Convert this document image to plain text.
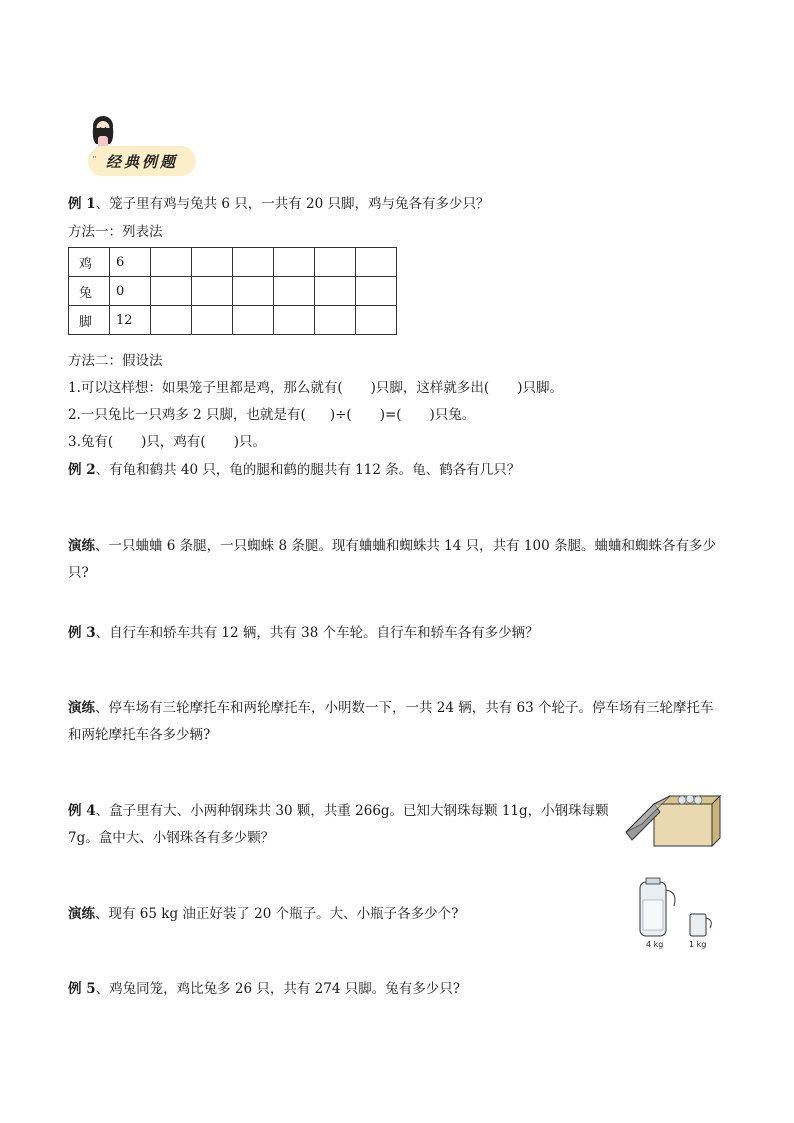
¨ 经典例题
例 1、笼子里有鸡与兔共 6 只，一共有 20 只脚，鸡与兔各有多少只？
方法一：列表法
鸡	6						
兔	0						
脚	12						
方法二：假设法
1.可以这样想：如果笼子里都是鸡，那么就有( )只脚，这样就多出( )只脚。
2.一只兔比一只鸡多 2 只脚，也就是有( )÷( )=( )只兔。
3.兔有( )只，鸡有( )只。
例 2、有龟和鹤共 40 只，龟的腿和鹤的腿共有 112 条。龟、鹤各有几只？
演练、一只蛐蛐 6 条腿，一只蜘蛛 8 条腿。现有蛐蛐和蜘蛛共 14 只，共有 100 条腿。蛐蛐和蜘蛛各有多少
只?
例 3、自行车和轿车共有 12 辆，共有 38 个车轮。自行车和轿车各有多少辆？
演练、停车场有三轮摩托车和两轮摩托车，小明数一下，一共 24 辆，共有 63 个轮子。停车场有三轮摩托车
和两轮摩托车各多少辆?
例 4、盒子里有大、小两种钢珠共 30 颗，共重 266g。已知大钢珠每颗 11g，小钢珠每颗
7g。盒中大、小钢珠各有多少颗？
演练、现有 65 kg 油正好装了 20 个瓶子。大、小瓶子各多少个?
4 kg	1 kg
例 5、鸡兔同笼，鸡比兔多 26 只，共有 274 只脚。兔有多少只?
